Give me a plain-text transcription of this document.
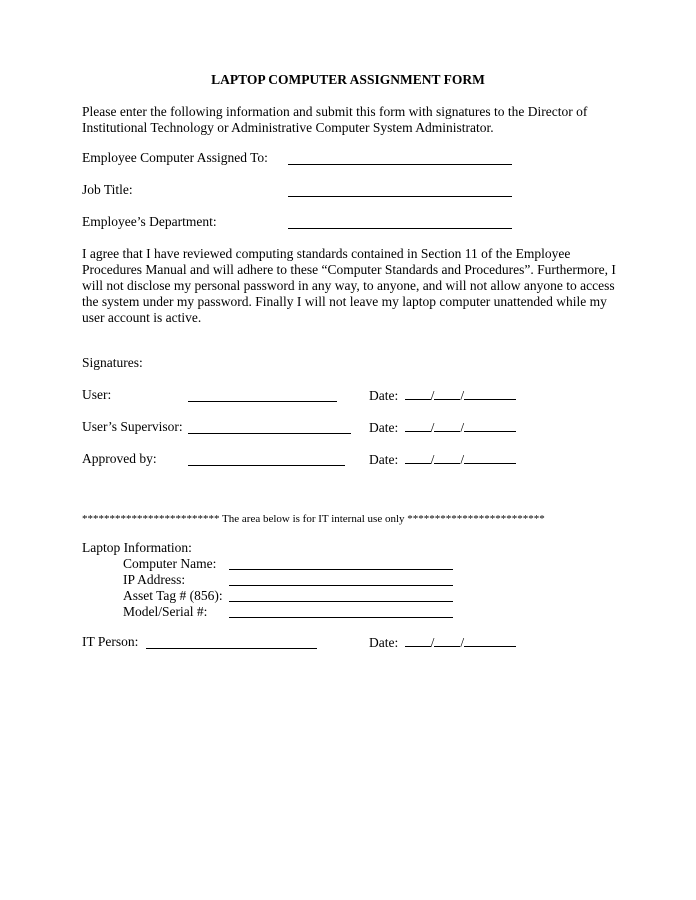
LAPTOP COMPUTER ASSIGNMENT FORM
Please enter the following information and submit this form with signatures to the Director of Institutional Technology or Administrative Computer System Administrator.
Employee Computer Assigned To:
Job Title:
Employee’s Department:
I agree that I have reviewed computing standards contained in Section 11 of the Employee Procedures Manual and will adhere to these “Computer Standards and Procedures”. Furthermore, I will not disclose my personal password in any way, to anyone, and will not allow anyone to access the system under my password. Finally I will not leave my laptop computer unattended while my user account is active.
Signatures:
User:	Date: / /
User’s Supervisor:	Date: / /
Approved by:	Date: / /
************************* The area below is for IT internal use only *************************
Laptop Information:
Computer Name:
IP Address:
Asset Tag # (856):
Model/Serial #:
IT Person:	Date: / /
